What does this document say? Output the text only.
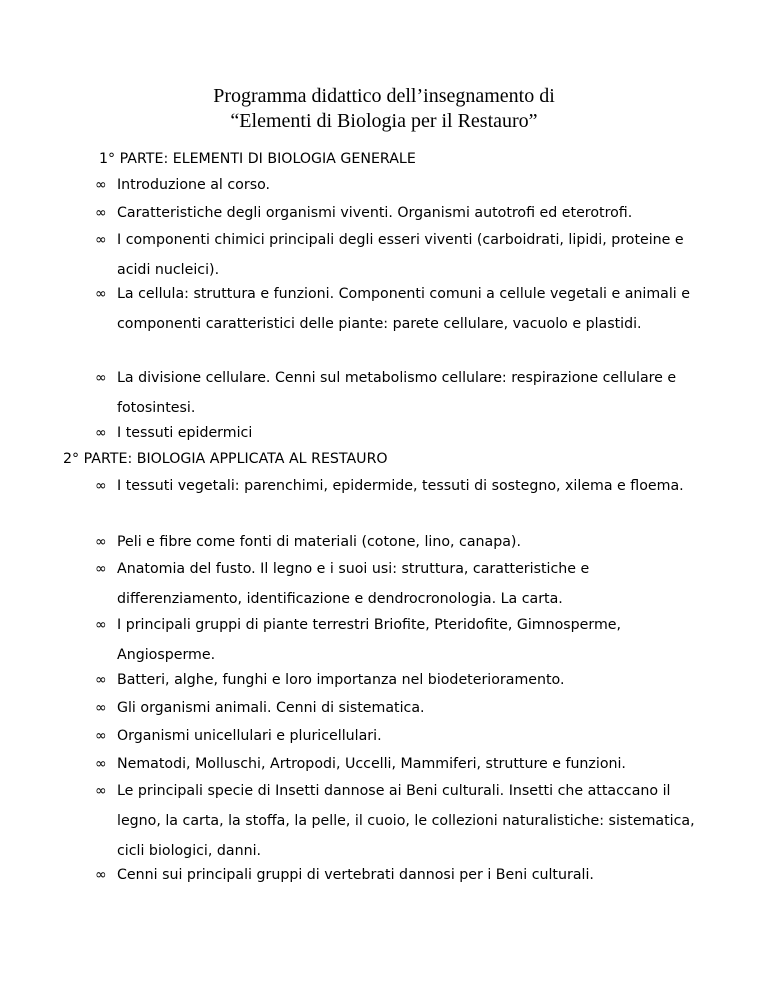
Programma didattico dell’insegnamento di
“Elementi di Biologia per il Restauro”
1° PARTE: ELEMENTI DI BIOLOGIA GENERALE
∞ Introduzione al corso.
∞ Caratteristiche degli organismi viventi. Organismi autotrofi ed eterotrofi.
∞ I componenti chimici principali degli esseri viventi (carboidrati, lipidi, proteine e acidi nucleici).
∞ La cellula: struttura e funzioni. Componenti comuni a cellule vegetali e animali e componenti caratteristici delle piante: parete cellulare, vacuolo e plastidi.
∞ La divisione cellulare. Cenni sul metabolismo cellulare: respirazione cellulare e fotosintesi.
∞ I tessuti epidermici
2° PARTE: BIOLOGIA APPLICATA AL RESTAURO
∞ I tessuti vegetali: parenchimi, epidermide, tessuti di sostegno, xilema e floema.
∞ Peli e fibre come fonti di materiali (cotone, lino, canapa).
∞ Anatomia del fusto. Il legno e i suoi usi: struttura, caratteristiche e differenziamento, identificazione e dendrocronologia. La carta.
∞ I principali gruppi di piante terrestri Briofite, Pteridofite, Gimnosperme, Angiosperme.
∞ Batteri, alghe, funghi e loro importanza nel biodeterioramento.
∞ Gli organismi animali. Cenni di sistematica.
∞ Organismi unicellulari e pluricellulari.
∞ Nematodi, Molluschi, Artropodi, Uccelli, Mammiferi, strutture e funzioni.
∞ Le principali specie di Insetti dannose ai Beni culturali. Insetti che attaccano il legno, la carta, la stoffa, la pelle, il cuoio, le collezioni naturalistiche: sistematica, cicli biologici, danni.
∞ Cenni sui principali gruppi di vertebrati dannosi per i Beni culturali.
